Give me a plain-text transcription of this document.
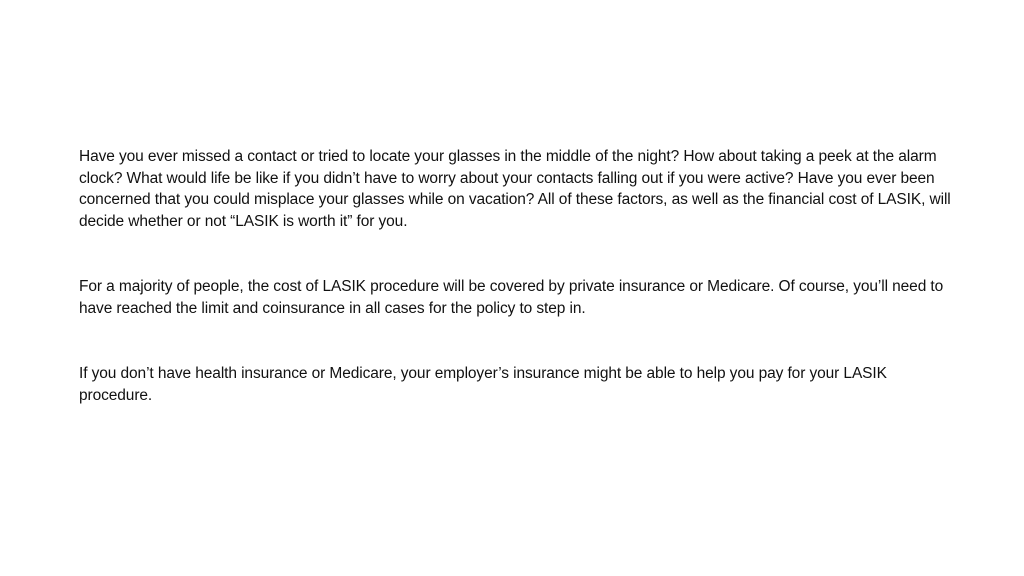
Have you ever missed a contact or tried to locate your glasses in the middle of the night? How about taking a peek at the alarm clock? What would life be like if you didn’t have to worry about your contacts falling out if you were active? Have you ever been concerned that you could misplace your glasses while on vacation? All of these factors, as well as the financial cost of LASIK, will decide whether or not “LASIK is worth it” for you.

For a majority of people, the cost of LASIK procedure will be covered by private insurance or Medicare. Of course, you’ll need to have reached the limit and coinsurance in all cases for the policy to step in.

If you don’t have health insurance or Medicare, your employer’s insurance might be able to help you pay for your LASIK procedure.
